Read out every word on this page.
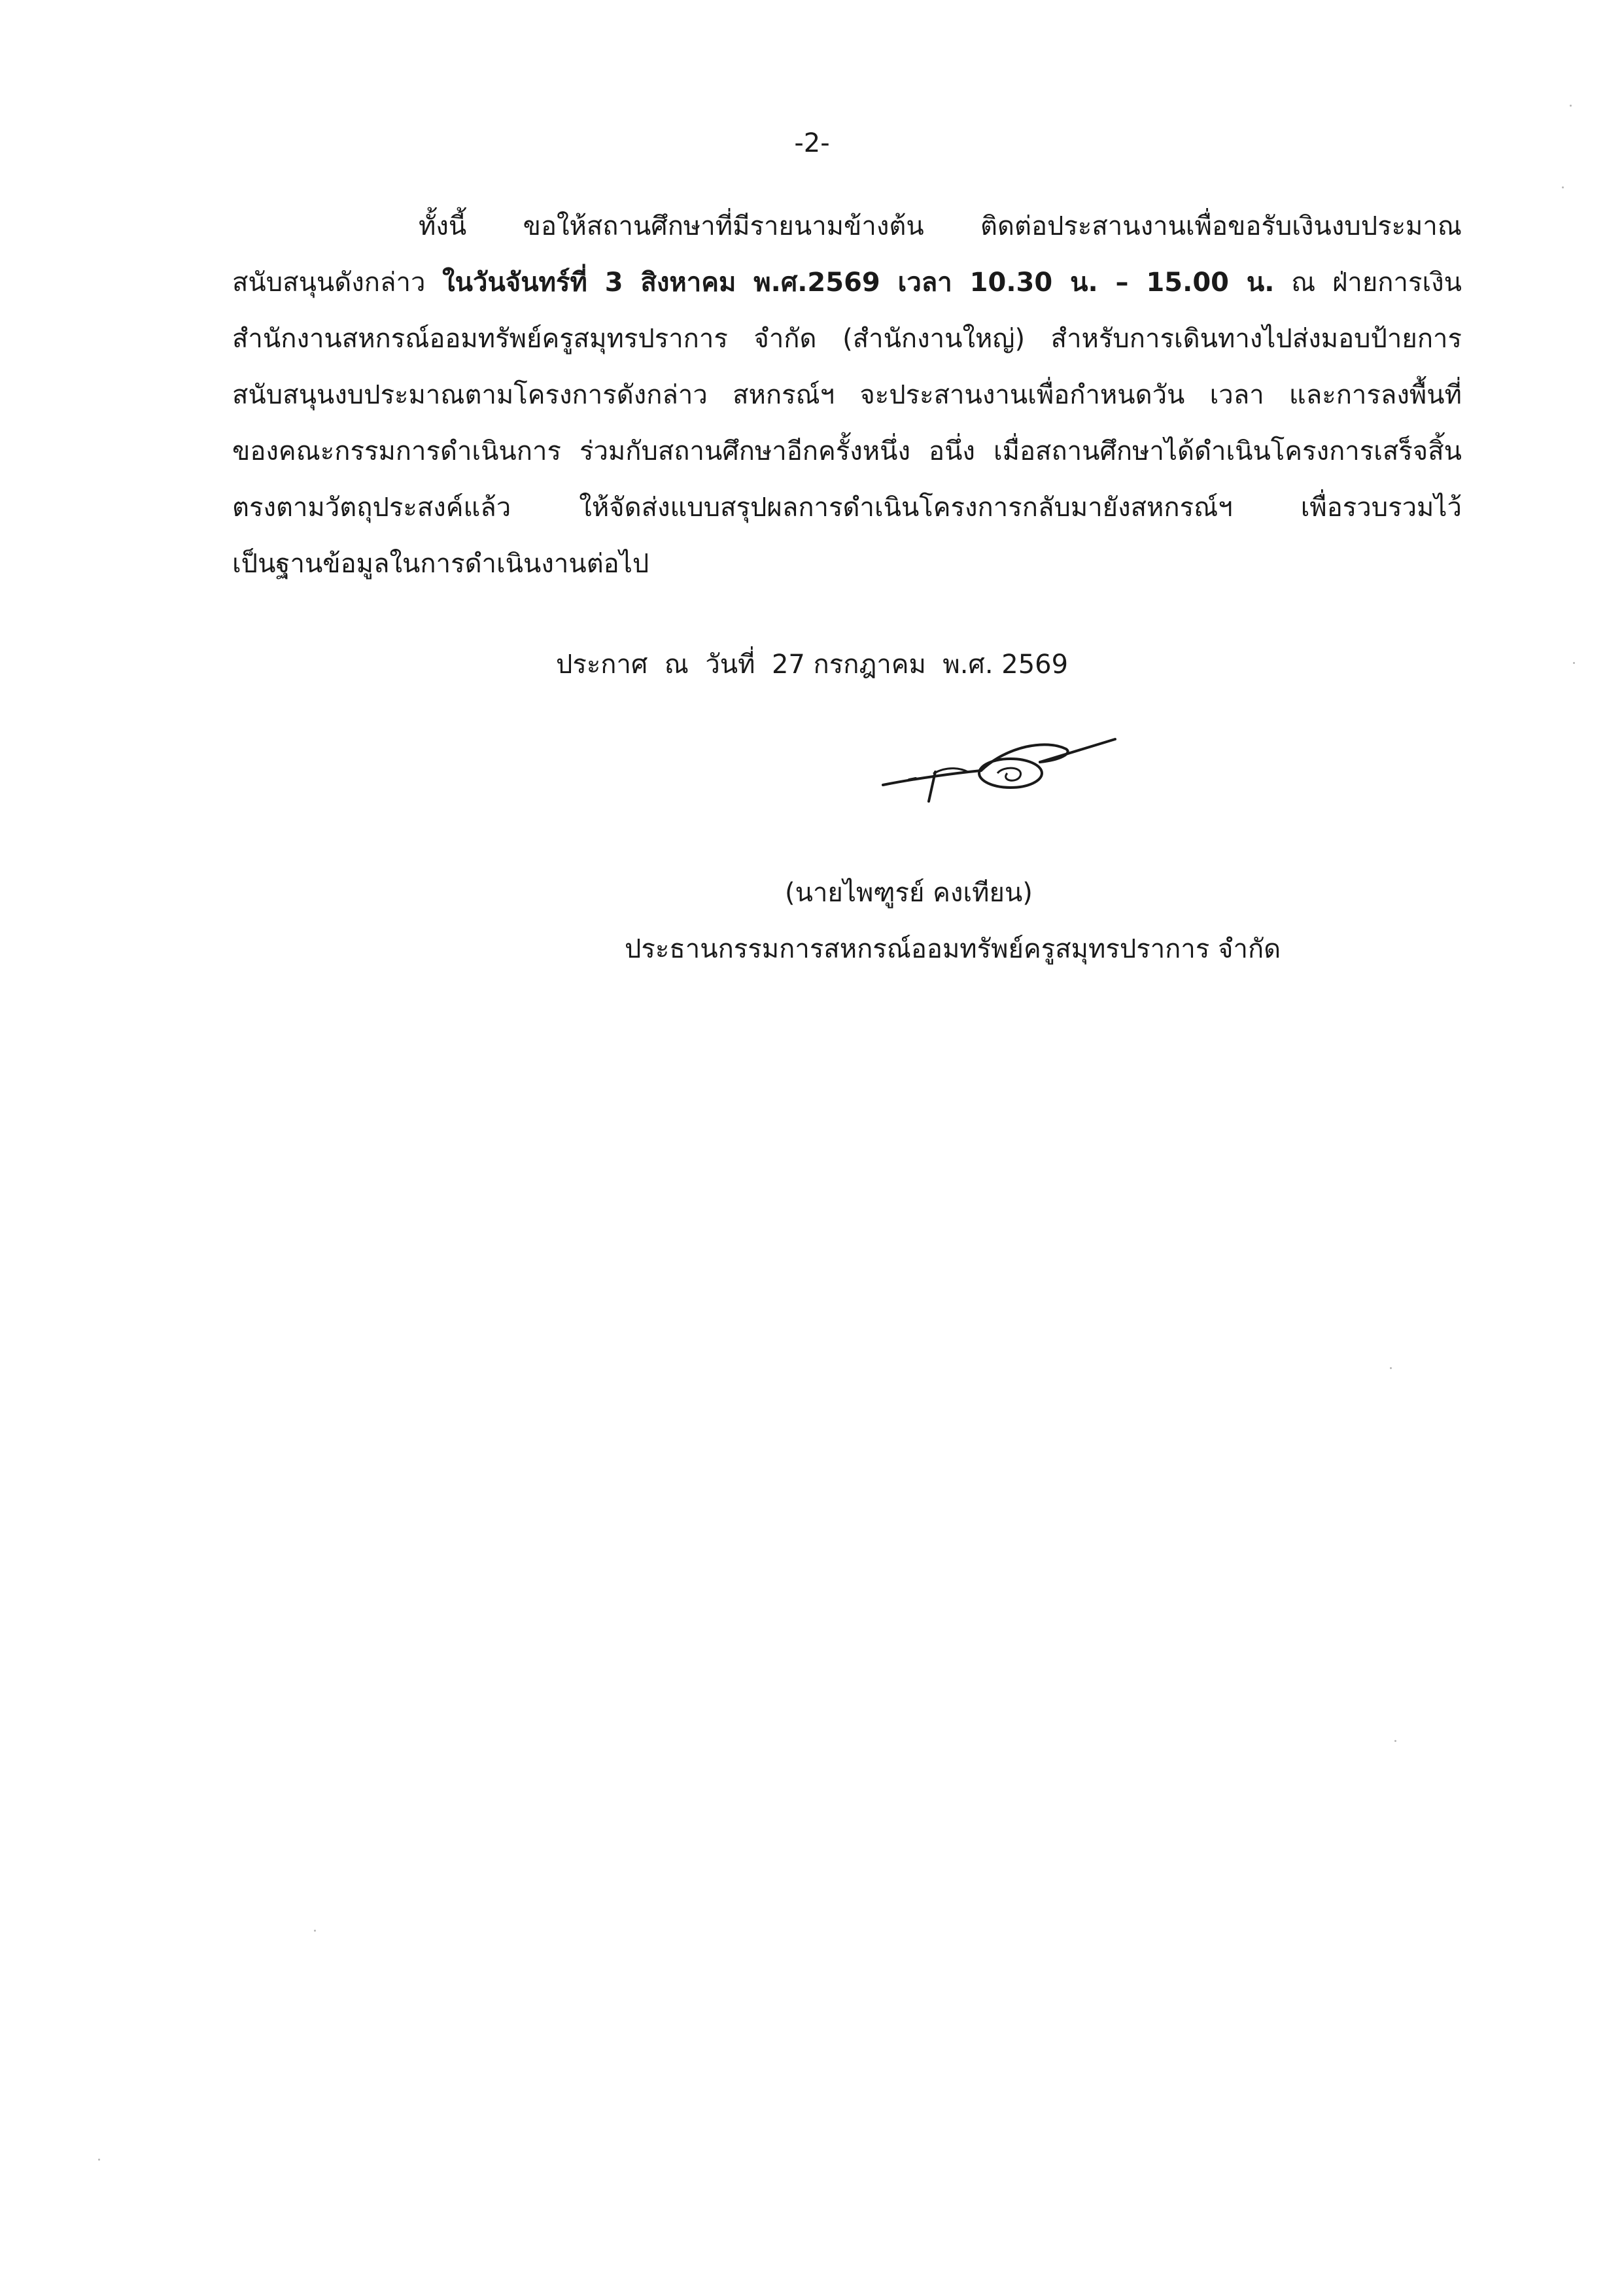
-2-
ทั้งนี้ ขอให้สถานศึกษาที่มีรายนามข้างต้น ติดต่อประสานงานเพื่อขอรับเงินงบประมาณ
สนับสนุนดังกล่าว ในวันจันทร์ที่ 3 สิงหาคม พ.ศ.2569 เวลา 10.30 น. – 15.00 น. ณ ฝ่ายการเงิน
สำนักงานสหกรณ์ออมทรัพย์ครูสมุทรปราการ จำกัด (สำนักงานใหญ่) สำหรับการเดินทางไปส่งมอบป้ายการ
สนับสนุนงบประมาณตามโครงการดังกล่าว สหกรณ์ฯ จะประสานงานเพื่อกำหนดวัน เวลา และการลงพื้นที่
ของคณะกรรมการดำเนินการ ร่วมกับสถานศึกษาอีกครั้งหนึ่ง อนึ่ง เมื่อสถานศึกษาได้ดำเนินโครงการเสร็จสิ้น
ตรงตามวัตถุประสงค์แล้ว ให้จัดส่งแบบสรุปผลการดำเนินโครงการกลับมายังสหกรณ์ฯ เพื่อรวบรวมไว้
เป็นฐานข้อมูลในการดำเนินงานต่อไป
ประกาศ  ณ  วันที่  27 กรกฎาคม  พ.ศ. 2569
(นายไพฑูรย์ คงเทียน)
ประธานกรรมการสหกรณ์ออมทรัพย์ครูสมุทรปราการ จำกัด
